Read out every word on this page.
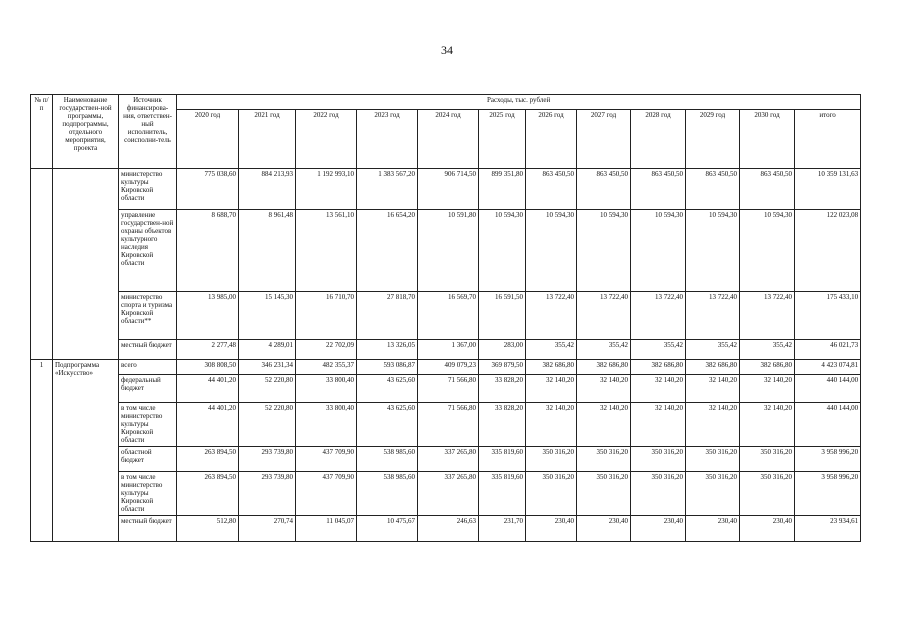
34
№ п/п	Наименование государствен-ной программы, подпрограммы, отдельного мероприятия, проекта	Источник финансирова-ния, ответствен-ный исполнитель, соисполни-тель	Расходы, тыс. рублей											
			2020 год	2021 год	2022 год	2023 год	2024 год	2025 год	2026 год	2027 год	2028 год	2029 год	2030 год	итого
		министерство культуры Кировской области	775 038,60	884 213,93	1 192 993,10	1 383 567,20	906 714,50	899 351,80	863 450,50	863 450,50	863 450,50	863 450,50	863 450,50	10 359 131,63
		управление государствен-ной охраны объектов культурного наследия Кировской области	8 688,70	8 961,48	13 561,10	16 654,20	10 591,80	10 594,30	10 594,30	10 594,30	10 594,30	10 594,30	10 594,30	122 023,08
		министерство спорта и туризма Кировской области**	13 985,00	15 145,30	16 710,70	27 818,70	16 569,70	16 591,50	13 722,40	13 722,40	13 722,40	13 722,40	13 722,40	175 433,10
		местный бюджет	2 277,48	4 289,01	22 702,09	13 326,05	1 367,00	283,00	355,42	355,42	355,42	355,42	355,42	46 021,73
1	Подпрограмма «Искусство»	всего	308 808,50	346 231,34	482 355,37	593 086,87	409 079,23	369 879,50	382 686,80	382 686,80	382 686,80	382 686,80	382 686,80	4 423 074,81
		федеральный бюджет	44 401,20	52 220,80	33 800,40	43 625,60	71 566,80	33 828,20	32 140,20	32 140,20	32 140,20	32 140,20	32 140,20	440 144,00
		в том числе министерство культуры Кировской области	44 401,20	52 220,80	33 800,40	43 625,60	71 566,80	33 828,20	32 140,20	32 140,20	32 140,20	32 140,20	32 140,20	440 144,00
		областной бюджет	263 894,50	293 739,80	437 709,90	538 985,60	337 265,80	335 819,60	350 316,20	350 316,20	350 316,20	350 316,20	350 316,20	3 958 996,20
		в том числе министерство культуры Кировской области	263 894,50	293 739,80	437 709,90	538 985,60	337 265,80	335 819,60	350 316,20	350 316,20	350 316,20	350 316,20	350 316,20	3 958 996,20
		местный бюджет	512,80	270,74	11 045,07	10 475,67	246,63	231,70	230,40	230,40	230,40	230,40	230,40	23 934,61
